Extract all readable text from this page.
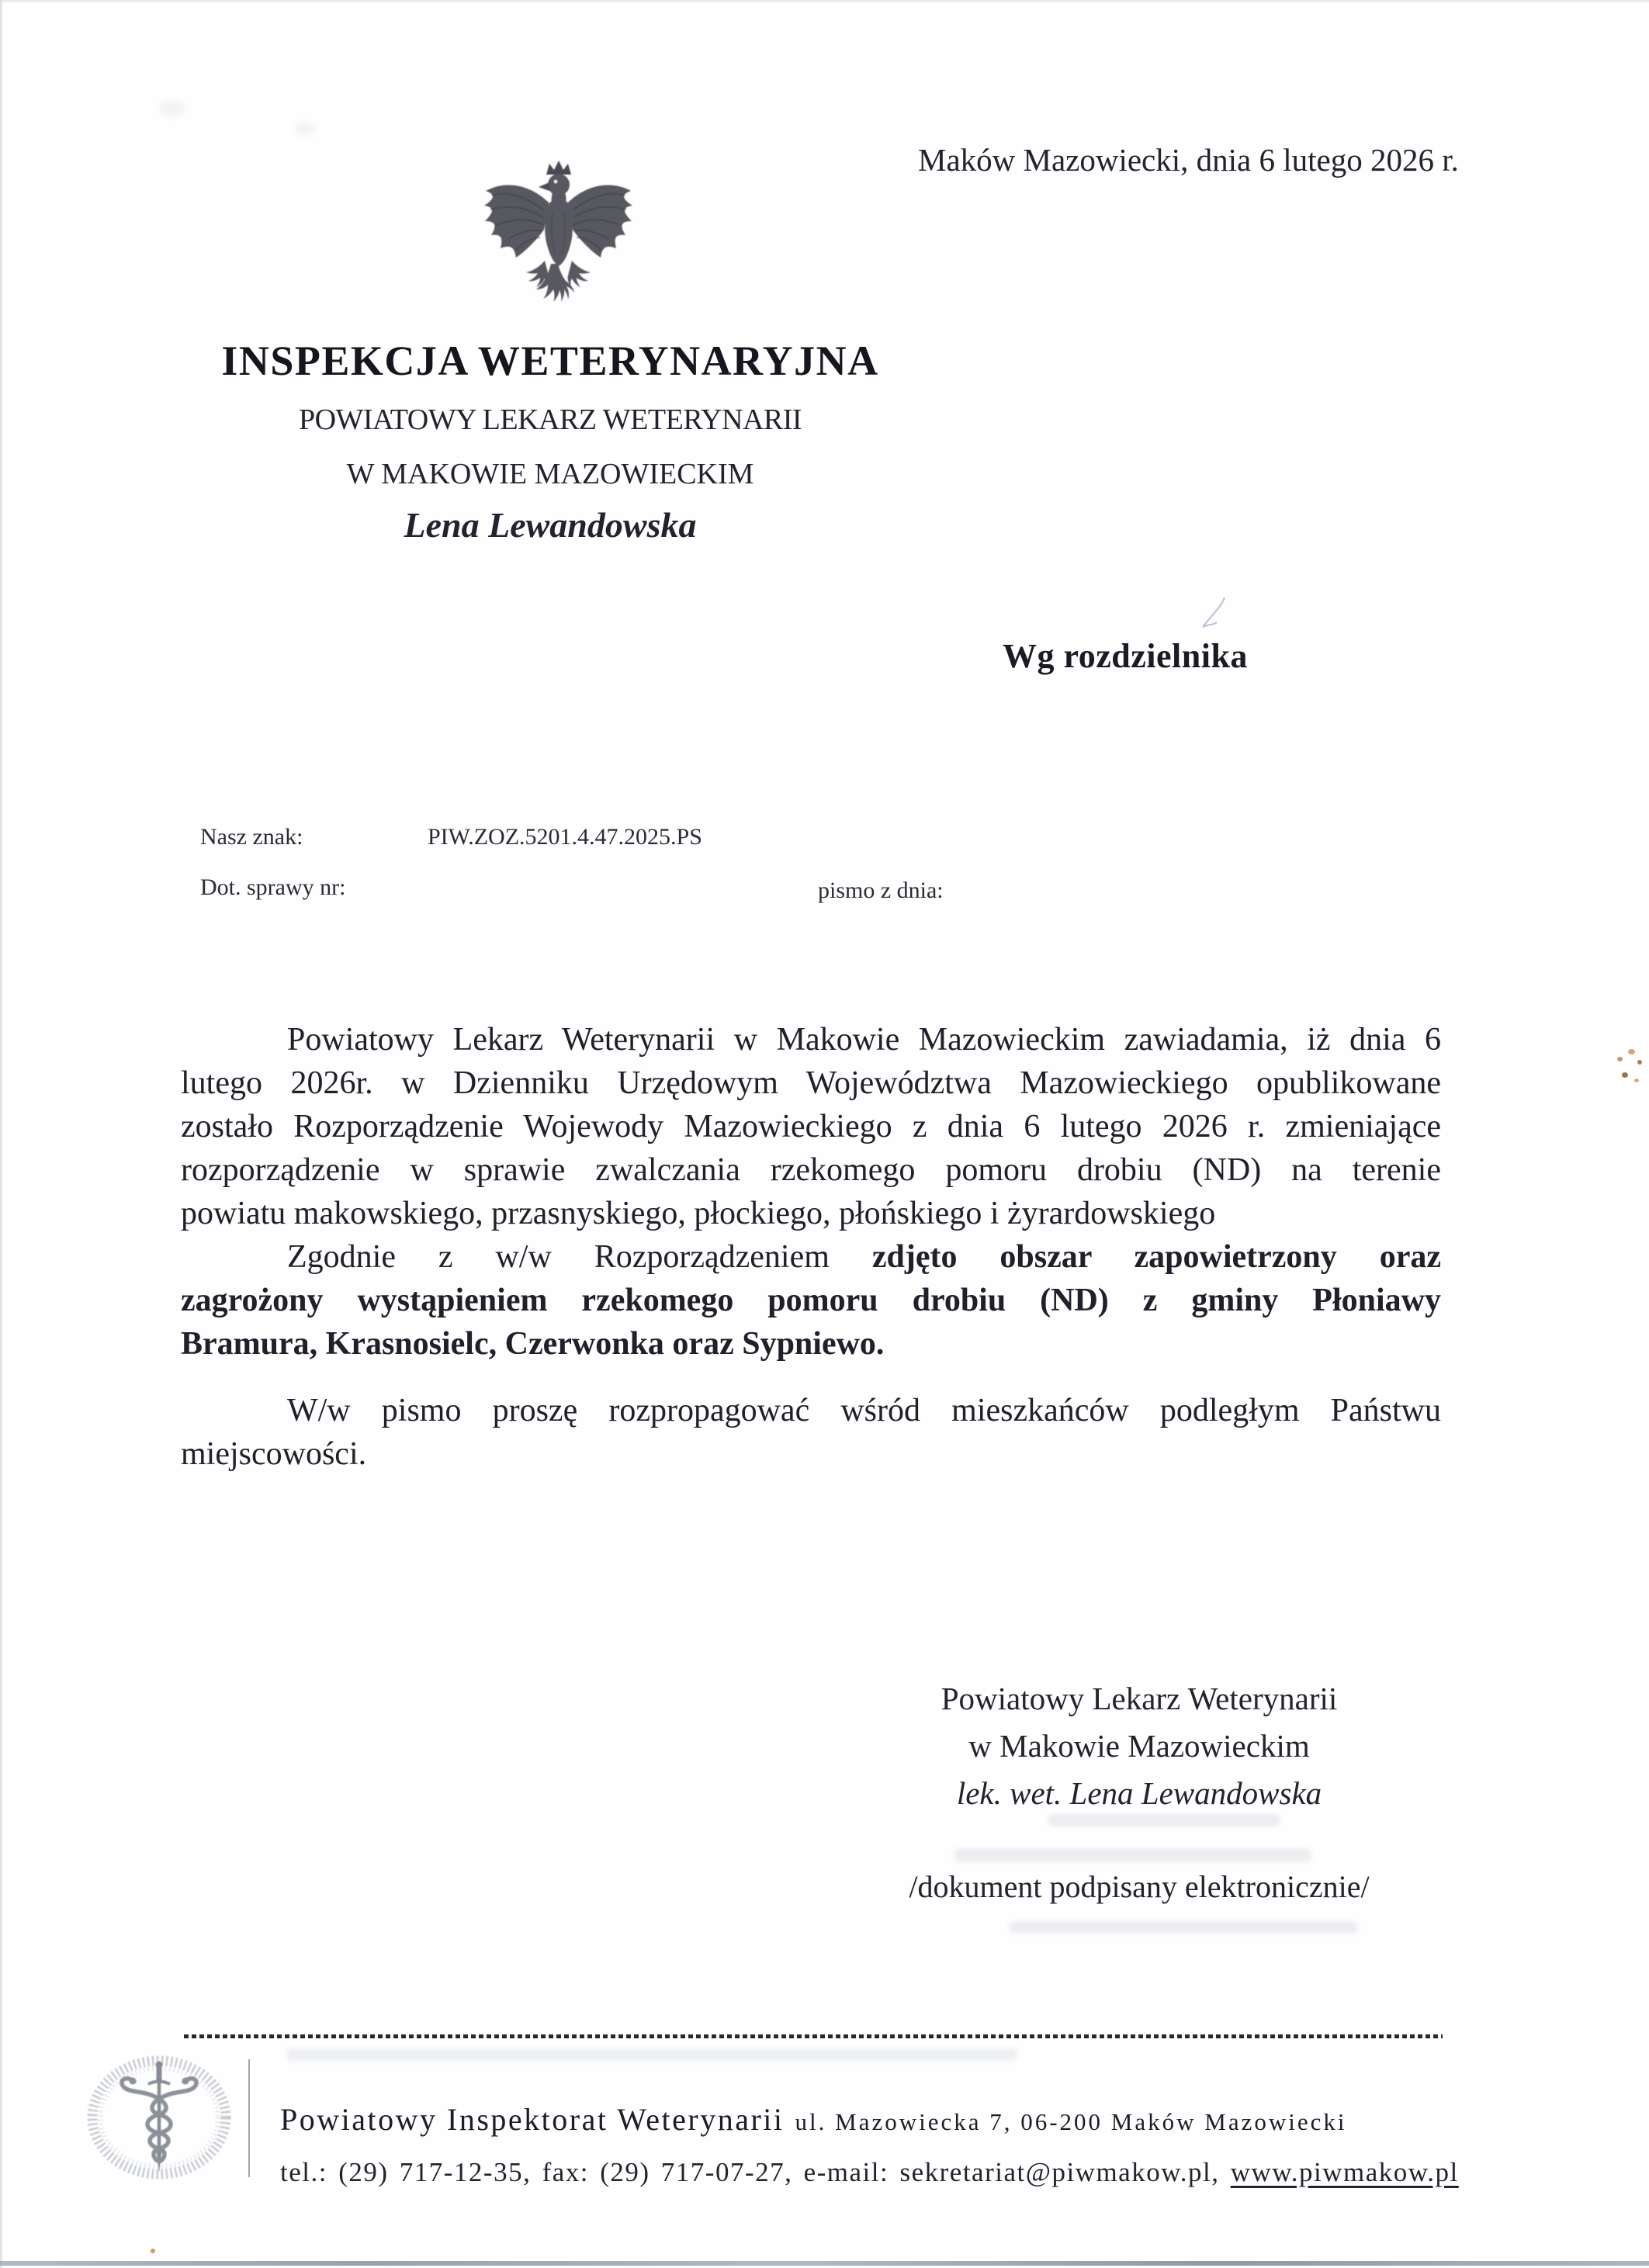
Maków Mazowiecki, dnia 6 lutego 2026 r.
INSPEKCJA WETERYNARYJNA
POWIATOWY LEKARZ WETERYNARII
W MAKOWIE MAZOWIECKIM
Lena Lewandowska
Wg rozdzielnika
Nasz znak:	PIW.ZOZ.5201.4.47.2025.PS
Dot. sprawy nr:	pismo z dnia:
Powiatowy Lekarz Weterynarii w Makowie Mazowieckim zawiadamia, iż dnia 6
lutego 2026r. w Dzienniku Urzędowym Województwa Mazowieckiego opublikowane
zostało Rozporządzenie Wojewody Mazowieckiego z dnia 6 lutego 2026 r. zmieniające
rozporządzenie w sprawie zwalczania rzekomego pomoru drobiu (ND) na terenie
powiatu makowskiego, przasnyskiego, płockiego, płońskiego i żyrardowskiego
Zgodnie z w/w Rozporządzeniem zdjęto obszar zapowietrzony oraz
zagrożony wystąpieniem rzekomego pomoru drobiu (ND) z gminy Płoniawy
Bramura, Krasnosielc, Czerwonka oraz Sypniewo.
W/w pismo proszę rozpropagować wśród mieszkańców podległym Państwu
miejscowości.
Powiatowy Lekarz Weterynarii
w Makowie Mazowieckim
lek. wet. Lena Lewandowska
/dokument podpisany elektronicznie/
Powiatowy Inspektorat Weterynarii ul. Mazowiecka 7, 06-200 Maków Mazowiecki
tel.: (29) 717-12-35, fax: (29) 717-07-27, e-mail: sekretariat@piwmakow.pl, www.piwmakow.pl
